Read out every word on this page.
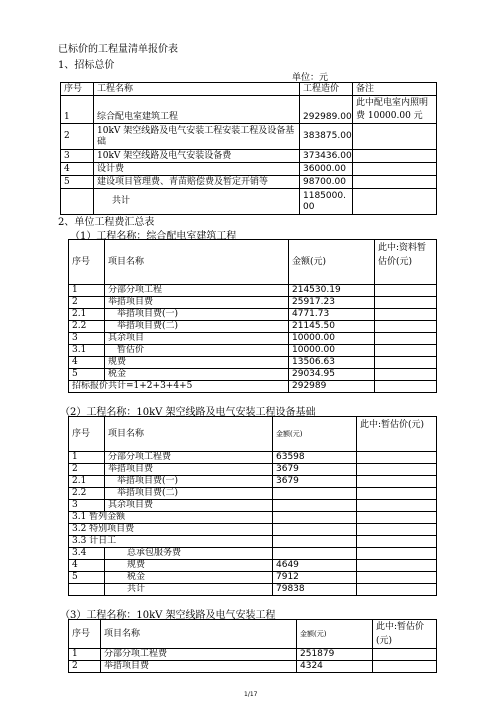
已标价的工程量清单报价表
1、招标总价
单位：元
序号	工程名称	工程造价	备注
1	综合配电室建筑工程	292989.00	此中配电室内照明费 10000.00 元
2	10kV 架空线路及电气安装工程安装工程及设备基础	383875.00	
3	10kV 架空线路及电气安装设备费	373436.00	
4	设计费	36000.00	
5	建设项目管理费、青苗赔偿费及暂定开销等	98700.00	
	共计	1185000.00	
2、单位工程费汇总表
（1）工程名称：综合配电室建筑工程
序号	项目名称	金额(元)	此中:资料暂估价(元)
1	分部分项工程	214530.19	
2	举措项目费	25917.23	
2.1	举措项目费(一)	4771.73	
2.2	举措项目费(二)	21145.50	
3	其余项目	10000.00	
3.1	暂估价	10000.00	
4	规费	13506.63	
5	税金	29034.95	
招标报价共计=1+2+3+4+5		292989	
（2）工程名称：10kV 架空线路及电气安装工程设备基础
序号	项目名称	金额(元)	此中:暂估价(元)
1	分部分项工程费	63598	
2	举措项目费	3679	
2.1	举措项目费(一)	3679	
2.2	举措项目费(二)		
3	其余项目费		
3.1 暂列金额			
3.2 特别项目费			
3.3 计日工			
3.4	总承包服务费		
4	规费	4649	
5	税金	7912	
	共计	79838	
（3）工程名称：10kV 架空线路及电气安装工程
序号	项目名称	金额(元)	此中:暂估价(元)
1	分部分项工程费	251879	
2	举措项目费	4324	
1/17
